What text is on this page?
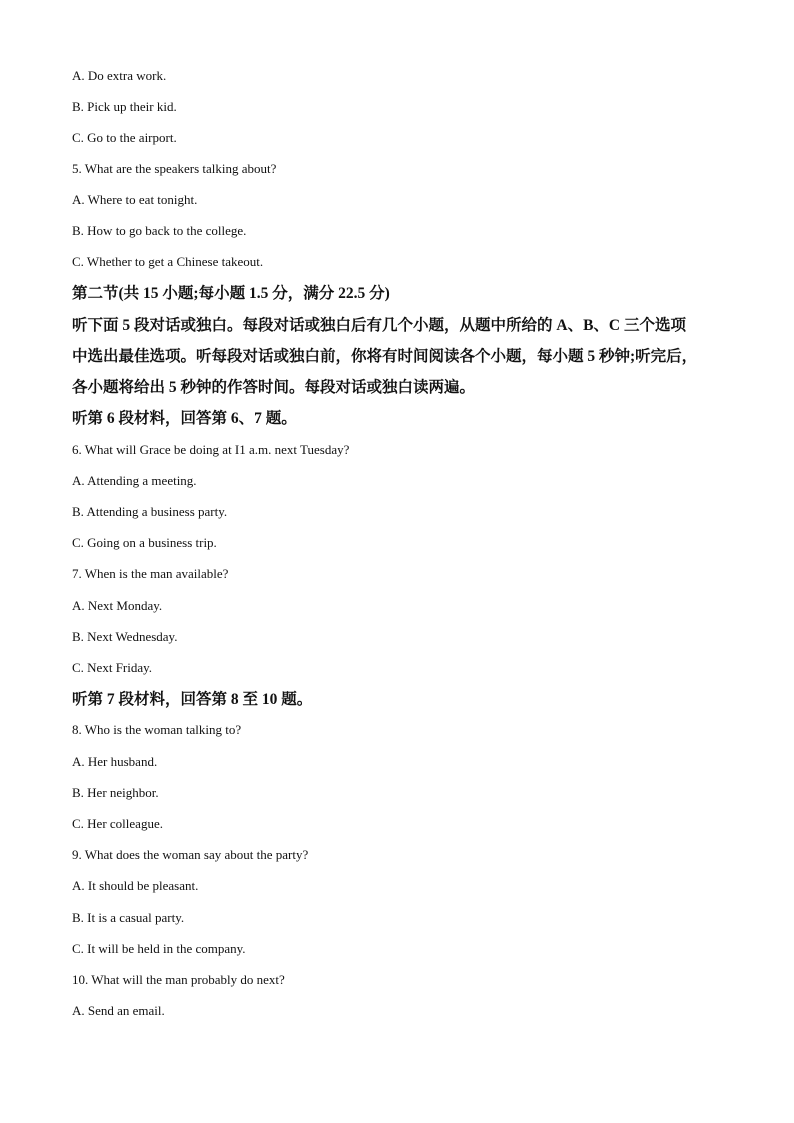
A. Do extra work.
B. Pick up their kid.
C. Go to the airport.
5. What are the speakers talking about?
A. Where to eat tonight.
B. How to go back to the college.
C. Whether to get a Chinese takeout.
第二节(共 15 小题;每小题 1.5 分，满分 22.5 分)
听下面 5 段对话或独白。每段对话或独白后有几个小题，从题中所给的 A、B、C 三个选项
中选出最佳选项。听每段对话或独白前，你将有时间阅读各个小题，每小题 5 秒钟;听完后，
各小题将给出 5 秒钟的作答时间。每段对话或独白读两遍。
听第 6 段材料，回答第 6、7 题。
6. What will Grace be doing at I1 a.m. next Tuesday?
A. Attending a meeting.
B. Attending a business party.
C. Going on a business trip.
7. When is the man available?
A. Next Monday.
B. Next Wednesday.
C. Next Friday.
听第 7 段材料，回答第 8 至 10 题。
8. Who is the woman talking to?
A. Her husband.
B. Her neighbor.
C. Her colleague.
9. What does the woman say about the party?
A. It should be pleasant.
B. It is a casual party.
C. It will be held in the company.
10. What will the man probably do next?
A. Send an email.
